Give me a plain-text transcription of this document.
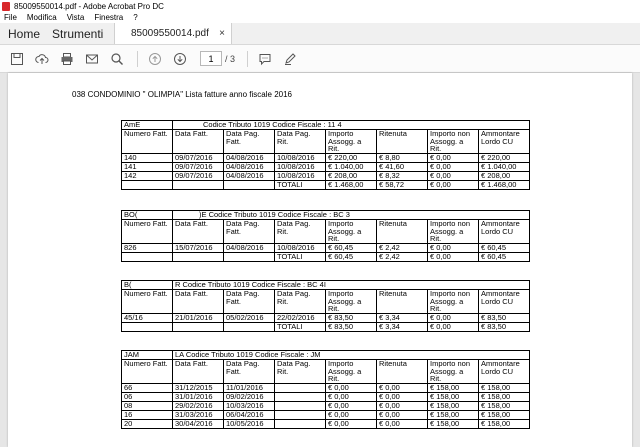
85009550014.pdf - Adobe Acrobat Pro DC
File Modifica Vista Finestra ?
Home Strumenti	85009550014.pdf ×
1	/ 3
038 CONDOMINIO " OLIMPIA" Lista fatture anno fiscale 2016
AmE	Codice Tributo 1019 Codice Fiscale : 11 4						
Numero Fatt.	Data Fatt.	Data Pag. Fatt.	Data Pag. Rit.	Importo Assogg. a Rit.	Ritenuta	Importo non Assogg. a Rit.	Ammontare Lordo CU
140	09/07/2016	04/08/2016	10/08/2016	€ 220,00	€ 8,80	€ 0,00	€ 220,00
141	09/07/2016	04/08/2016	10/08/2016	€ 1.040,00	€ 41,60	€ 0,00	€ 1.040,00
142	09/07/2016	04/08/2016	10/08/2016	€ 208,00	€ 8,32	€ 0,00	€ 208,00
			TOTALI	€ 1.468,00	€ 58,72	€ 0,00	€ 1.468,00
BO(	)E Codice Tributo 1019 Codice Fiscale : BC 3						
Numero Fatt.	Data Fatt.	Data Pag. Fatt.	Data Pag. Rit.	Importo Assogg. a Rit.	Ritenuta	Importo non Assogg. a Rit.	Ammontare Lordo CU
826	15/07/2016	04/08/2016	10/08/2016	€ 60,45	€ 2,42	€ 0,00	€ 60,45
			TOTALI	€ 60,45	€ 2,42	€ 0,00	€ 60,45
B(	R Codice Tributo 1019 Codice Fiscale : BC 4I						
Numero Fatt.	Data Fatt.	Data Pag. Fatt.	Data Pag. Rit.	Importo Assogg. a Rit.	Ritenuta	Importo non Assogg. a Rit.	Ammontare Lordo CU
45/16	21/01/2016	05/02/2016	22/02/2016	€ 83,50	€ 3,34	€ 0,00	€ 83,50
			TOTALI	€ 83,50	€ 3,34	€ 0,00	€ 83,50
JAM	LA Codice Tributo 1019 Codice Fiscale : JM						
Numero Fatt.	Data Fatt.	Data Pag. Fatt.	Data Pag. Rit.	Importo Assogg. a Rit.	Ritenuta	Importo non Assogg. a Rit.	Ammontare Lordo CU
66	31/12/2015	11/01/2016		€ 0,00	€ 0,00	€ 158,00	€ 158,00
06	31/01/2016	09/02/2016		€ 0,00	€ 0,00	€ 158,00	€ 158,00
08	29/02/2016	10/03/2016		€ 0,00	€ 0,00	€ 158,00	€ 158,00
16	31/03/2016	06/04/2016		€ 0,00	€ 0,00	€ 158,00	€ 158,00
20	30/04/2016	10/05/2016		€ 0,00	€ 0,00	€ 158,00	€ 158,00
